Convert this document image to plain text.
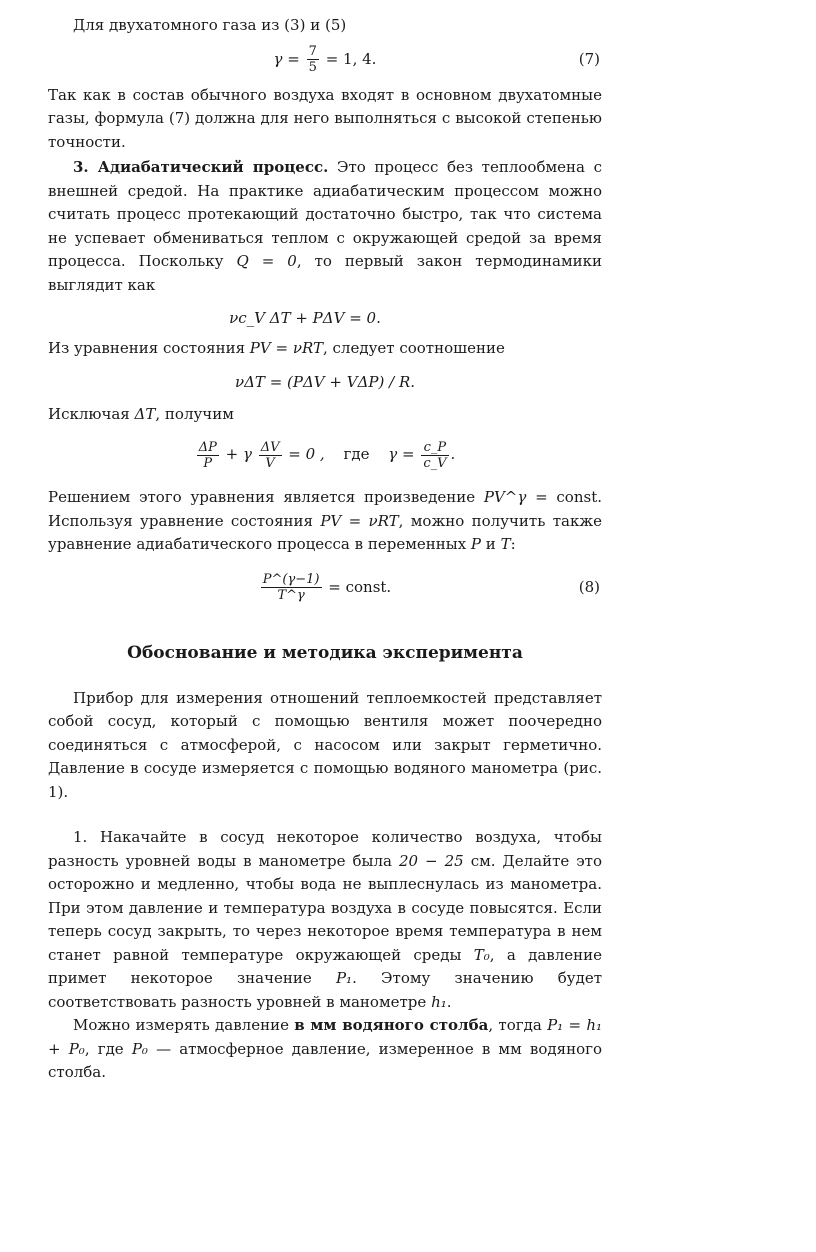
Для двухатомного газа из (3) и (5)

$\gamma = \frac{7}{5} = 1$, 4.	(7)

Так как в состав обычного воздуха входят в основном двухатомные газы, формула (7) должна для него выполняться с высокой степенью точности.

3. Адиабатический процесс. Это процесс без теплообмена с внешней средой. На практике адиабатическим процессом можно считать процесс протекающий достаточно быстро, так что система не успевает обмениваться теплом с окружающей средой за время процесса. Поскольку Q = 0, то первый закон термодинамики выглядит как

νc_V ΔT + PΔV = 0.

Из уравнения состояния PV = νRT, следует соотношение

νΔT = (PΔV + VΔP) / R.

Исключая ΔT, получим

$\frac{\Delta P}{P} + \gamma \frac{\Delta V}{V} = 0$ , где $\gamma = \frac{c\_P}{c\_V}$ .

Решением этого уравнения является произведение PV^γ = const. Используя уравнение состояния PV = νRT, можно получить также уравнение адиабатического процесса в переменных P и T:

$\frac{P\^{}(\gamma-1)}{T\^{}\gamma}$ = const.	(8)
Обоснование и методика эксперимента

Прибор для измерения отношений теплоемкостей представляет собой сосуд, который с помощью вентиля может поочередно соединяться с атмосферой, с насосом или закрыт герметично. Давление в сосуде измеряется с помощью водяного манометра (рис. 1).

1. Накачайте в сосуд некоторое количество воздуха, чтобы разность уровней воды в манометре была 20 − 25 см. Делайте это осторожно и медленно, чтобы вода не выплеснулась из манометра. При этом давление и температура воздуха в сосуде повысятся. Если теперь сосуд закрыть, то через некоторое время температура в нем станет равной температуре окружающей среды T₀, а давление примет некоторое значение P₁. Этому значению будет соответствовать разность уровней в манометре h₁.

Можно измерять давление в мм водяного столба, тогда P₁ = h₁ + P₀, где P₀ — атмосферное давление, измеренное в мм водяного столба.
